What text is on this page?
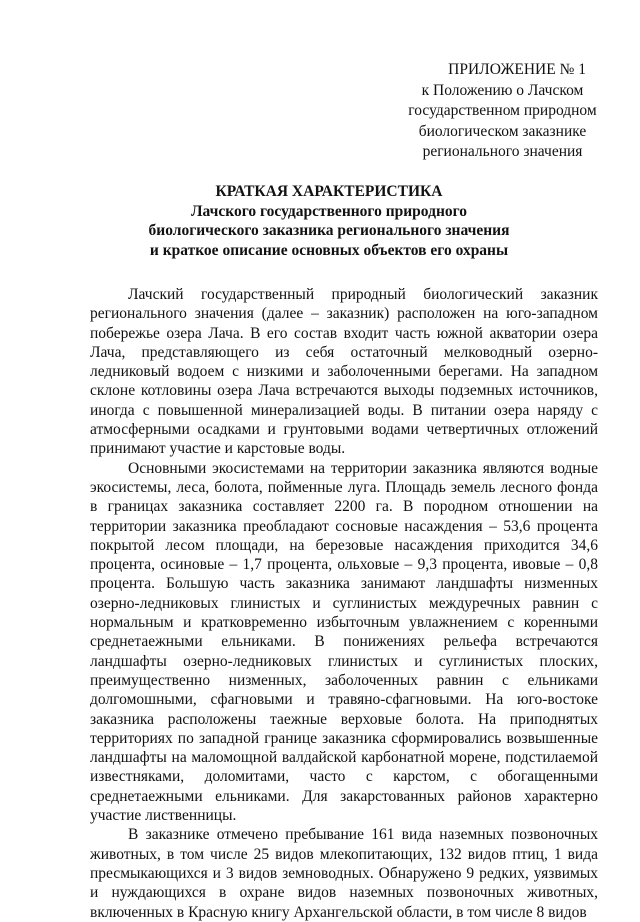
ПРИЛОЖЕНИЕ № 1
к Положению о Лачском
государственном природном
биологическом заказнике
регионального значения
КРАТКАЯ ХАРАКТЕРИСТИКА
Лачского государственного природного
биологического заказника регионального значения
и краткое описание основных объектов его охраны

Лачский государственный природный биологический заказник регионального значения (далее – заказник) расположен на юго-западном побережье озера Лача. В его состав входит часть южной акватории озера Лача, представляющего из себя остаточный мелководный озерно-ледниковый водоем с низкими и заболоченными берегами. На западном склоне котловины озера Лача встречаются выходы подземных источников, иногда с повышенной минерализацией воды. В питании озера наряду с атмосферными осадками и грунтовыми водами четвертичных отложений принимают участие и карстовые воды.

Основными экосистемами на территории заказника являются водные экосистемы, леса, болота, пойменные луга. Площадь земель лесного фонда в границах заказника составляет 2200 га. В породном отношении на территории заказника преобладают сосновые насаждения – 53,6 процента покрытой лесом площади, на березовые насаждения приходится 34,6 процента, осиновые – 1,7 процента, ольховые – 9,3 процента, ивовые – 0,8 процента. Большую часть заказника занимают ландшафты низменных озерно-ледниковых глинистых и суглинистых междуречных равнин с нормальным и кратковременно избыточным увлажнением с коренными среднетаежными ельниками. В понижениях рельефа встречаются ландшафты озерно-ледниковых глинистых и суглинистых плоских, преимущественно низменных, заболоченных равнин с ельниками долгомошными, сфагновыми и травяно-сфагновыми. На юго-востоке заказника расположены таежные верховые болота. На приподнятых территориях по западной границе заказника сформировались возвышенные ландшафты на маломощной валдайской карбонатной морене, подстилаемой известняками, доломитами, часто с карстом, с обогащенными среднетаежными ельниками. Для закарстованных районов характерно участие лиственницы.

В заказнике отмечено пребывание 161 вида наземных позвоночных животных, в том числе 25 видов млекопитающих, 132 видов птиц, 1 вида пресмыкающихся и 3 видов земноводных. Обнаружено 9 редких, уязвимых и нуждающихся в охране видов наземных позвоночных животных, включенных в Красную книгу Архангельской области, в том числе 8 видов
